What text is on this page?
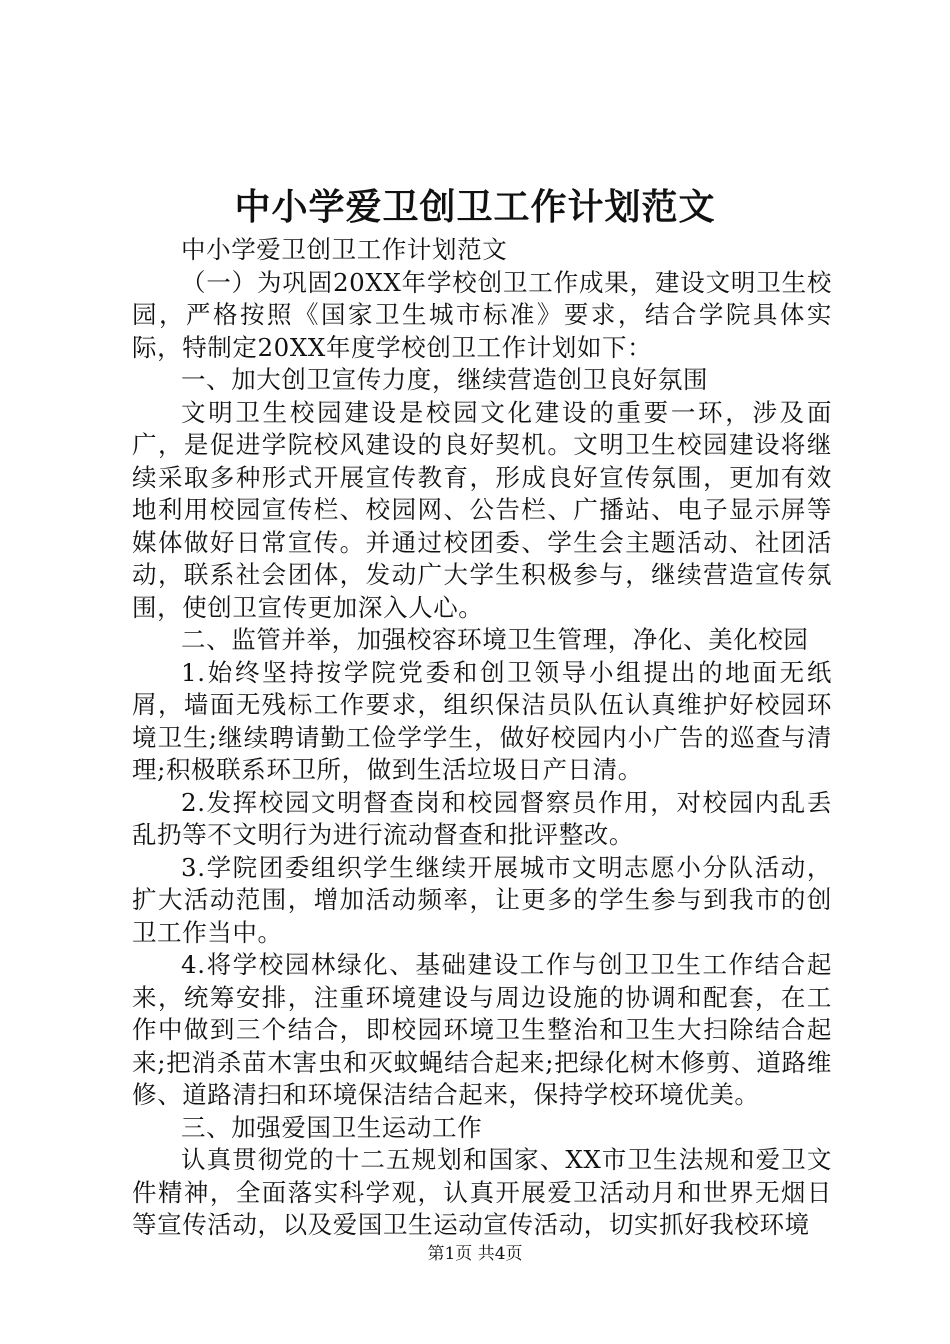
中小学爱卫创卫工作计划范文

中小学爱卫创卫工作计划范文

（一）为巩固20XX年学校创卫工作成果，建设文明卫生校园，严格按照《国家卫生城市标准》要求，结合学院具体实际，特制定20XX年度学校创卫工作计划如下：

一、加大创卫宣传力度，继续营造创卫良好氛围

文明卫生校园建设是校园文化建设的重要一环，涉及面广，是促进学院校风建设的良好契机。文明卫生校园建设将继续采取多种形式开展宣传教育，形成良好宣传氛围，更加有效地利用校园宣传栏、校园网、公告栏、广播站、电子显示屏等媒体做好日常宣传。并通过校团委、学生会主题活动、社团活动，联系社会团体，发动广大学生积极参与，继续营造宣传氛围，使创卫宣传更加深入人心。

二、监管并举，加强校容环境卫生管理，净化、美化校园

1.始终坚持按学院党委和创卫领导小组提出的地面无纸屑，墙面无残标工作要求，组织保洁员队伍认真维护好校园环境卫生;继续聘请勤工俭学学生，做好校园内小广告的巡查与清理;积极联系环卫所，做到生活垃圾日产日清。

2.发挥校园文明督查岗和校园督察员作用，对校园内乱丢乱扔等不文明行为进行流动督查和批评整改。

3.学院团委组织学生继续开展城市文明志愿小分队活动，扩大活动范围，增加活动频率，让更多的学生参与到我市的创卫工作当中。

4.将学校园林绿化、基础建设工作与创卫卫生工作结合起来，统筹安排，注重环境建设与周边设施的协调和配套，在工作中做到三个结合，即校园环境卫生整治和卫生大扫除结合起来;把消杀苗木害虫和灭蚊蝇结合起来;把绿化树木修剪、道路维修、道路清扫和环境保洁结合起来，保持学校环境优美。

三、加强爱国卫生运动工作

认真贯彻党的十二五规划和国家、XX市卫生法规和爱卫文件精神，全面落实科学观，认真开展爱卫活动月和世界无烟日等宣传活动，以及爱国卫生运动宣传活动，切实抓好我校环境

第1页 共4页
